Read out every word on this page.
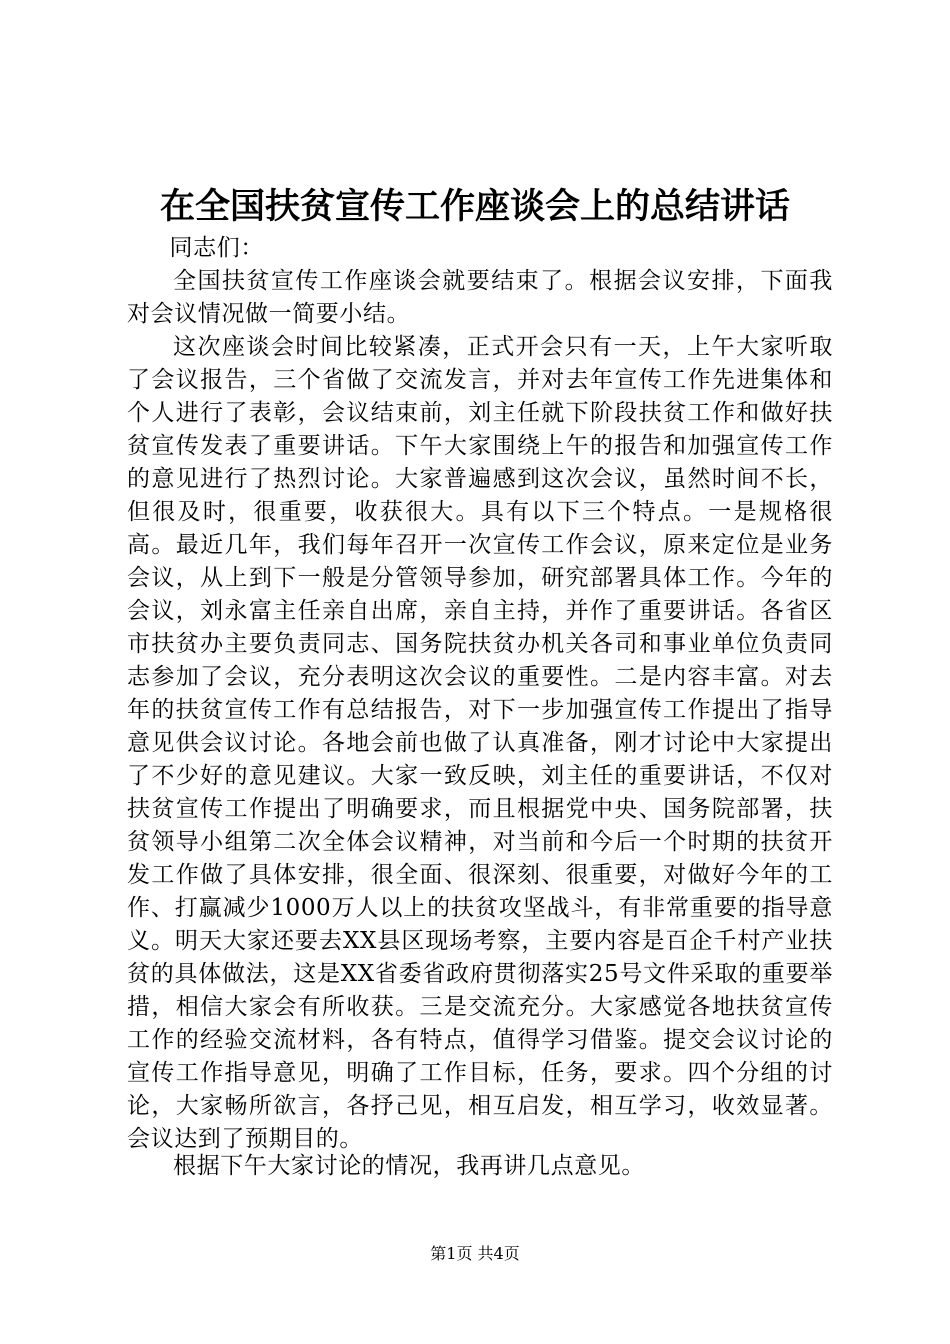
在全国扶贫宣传工作座谈会上的总结讲话

同志们：

全国扶贫宣传工作座谈会就要结束了。根据会议安排，下面我对会议情况做一简要小结。

这次座谈会时间比较紧凑，正式开会只有一天，上午大家听取了会议报告，三个省做了交流发言，并对去年宣传工作先进集体和个人进行了表彰，会议结束前，刘主任就下阶段扶贫工作和做好扶贫宣传发表了重要讲话。下午大家围绕上午的报告和加强宣传工作的意见进行了热烈讨论。大家普遍感到这次会议，虽然时间不长，但很及时，很重要，收获很大。具有以下三个特点。一是规格很高。最近几年，我们每年召开一次宣传工作会议，原来定位是业务会议，从上到下一般是分管领导参加，研究部署具体工作。今年的会议，刘永富主任亲自出席，亲自主持，并作了重要讲话。各省区市扶贫办主要负责同志、国务院扶贫办机关各司和事业单位负责同志参加了会议，充分表明这次会议的重要性。二是内容丰富。对去年的扶贫宣传工作有总结报告，对下一步加强宣传工作提出了指导意见供会议讨论。各地会前也做了认真准备，刚才讨论中大家提出了不少好的意见建议。大家一致反映，刘主任的重要讲话，不仅对扶贫宣传工作提出了明确要求，而且根据党中央、国务院部署，扶贫领导小组第二次全体会议精神，对当前和今后一个时期的扶贫开发工作做了具体安排，很全面、很深刻、很重要，对做好今年的工作、打赢减少1000万人以上的扶贫攻坚战斗，有非常重要的指导意义。明天大家还要去XX县区现场考察，主要内容是百企千村产业扶贫的具体做法，这是XX省委省政府贯彻落实25号文件采取的重要举措，相信大家会有所收获。三是交流充分。大家感觉各地扶贫宣传工作的经验交流材料，各有特点，值得学习借鉴。提交会议讨论的宣传工作指导意见，明确了工作目标，任务，要求。四个分组的讨论，大家畅所欲言，各抒己见，相互启发，相互学习，收效显著。会议达到了预期目的。

根据下午大家讨论的情况，我再讲几点意见。

第1页 共4页
